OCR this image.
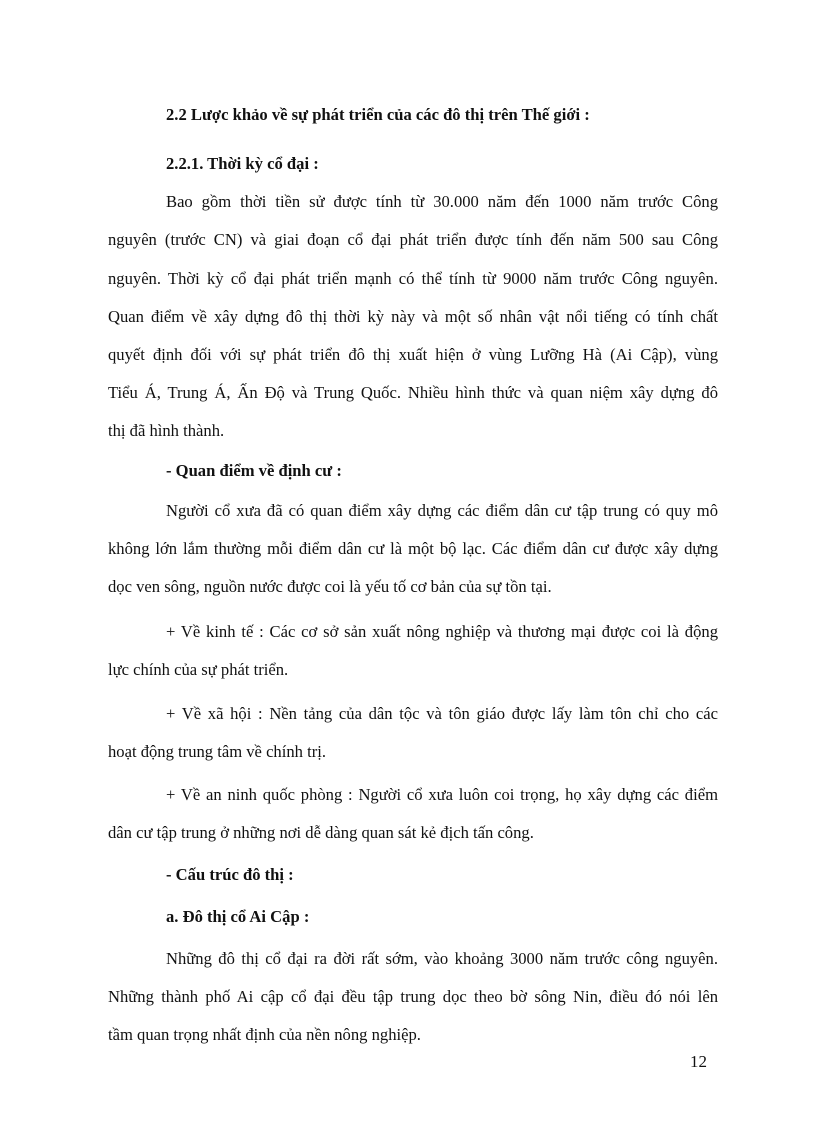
2.2 Lược khảo về sự phát triển của các đô thị trên Thế giới :

2.2.1. Thời kỳ cổ đại :

Bao gồm thời tiền sử được tính từ 30.000 năm đến 1000 năm trước Công

nguyên (trước CN) và giai đoạn cổ đại phát triển được tính đến năm 500 sau Công

nguyên. Thời kỳ cổ đại phát triển mạnh có thể tính từ 9000 năm trước Công nguyên.

Quan điểm về xây dựng đô thị thời kỳ này và một số nhân vật nổi tiếng có tính chất

quyết định đối với sự phát triển đô thị xuất hiện ở vùng Lưỡng Hà (Ai Cập), vùng

Tiểu Á, Trung Á, Ấn Độ và Trung Quốc. Nhiều hình thức và quan niệm xây dựng đô

thị đã hình thành.

- Quan điểm về định cư :

Người cổ xưa đã có quan điểm xây dựng các điểm dân cư tập trung có quy mô

không lớn lắm thường mỗi điểm dân cư là một bộ lạc. Các điểm dân cư được xây dựng

dọc ven sông, nguồn nước được coi là yếu tố cơ bản của sự tồn tại.

+ Về kinh tế : Các cơ sở sản xuất nông nghiệp và thương mại được coi là động

lực chính của sự phát triển.

+ Về xã hội : Nền tảng của dân tộc và tôn giáo được lấy làm tôn chỉ cho các

hoạt động trung tâm về chính trị.

+ Về an ninh quốc phòng : Người cổ xưa luôn coi trọng, họ xây dựng các điểm

dân cư tập trung ở những nơi dễ dàng quan sát kẻ địch tấn công.

- Cấu trúc đô thị :

a. Đô thị cổ Ai Cập :

Những đô thị cổ đại ra đời rất sớm, vào khoảng 3000 năm trước công nguyên.

Những thành phố Ai cập cổ đại đều tập trung dọc theo bờ sông Nin, điều đó nói lên

tầm quan trọng nhất định của nền nông nghiệp.

12
